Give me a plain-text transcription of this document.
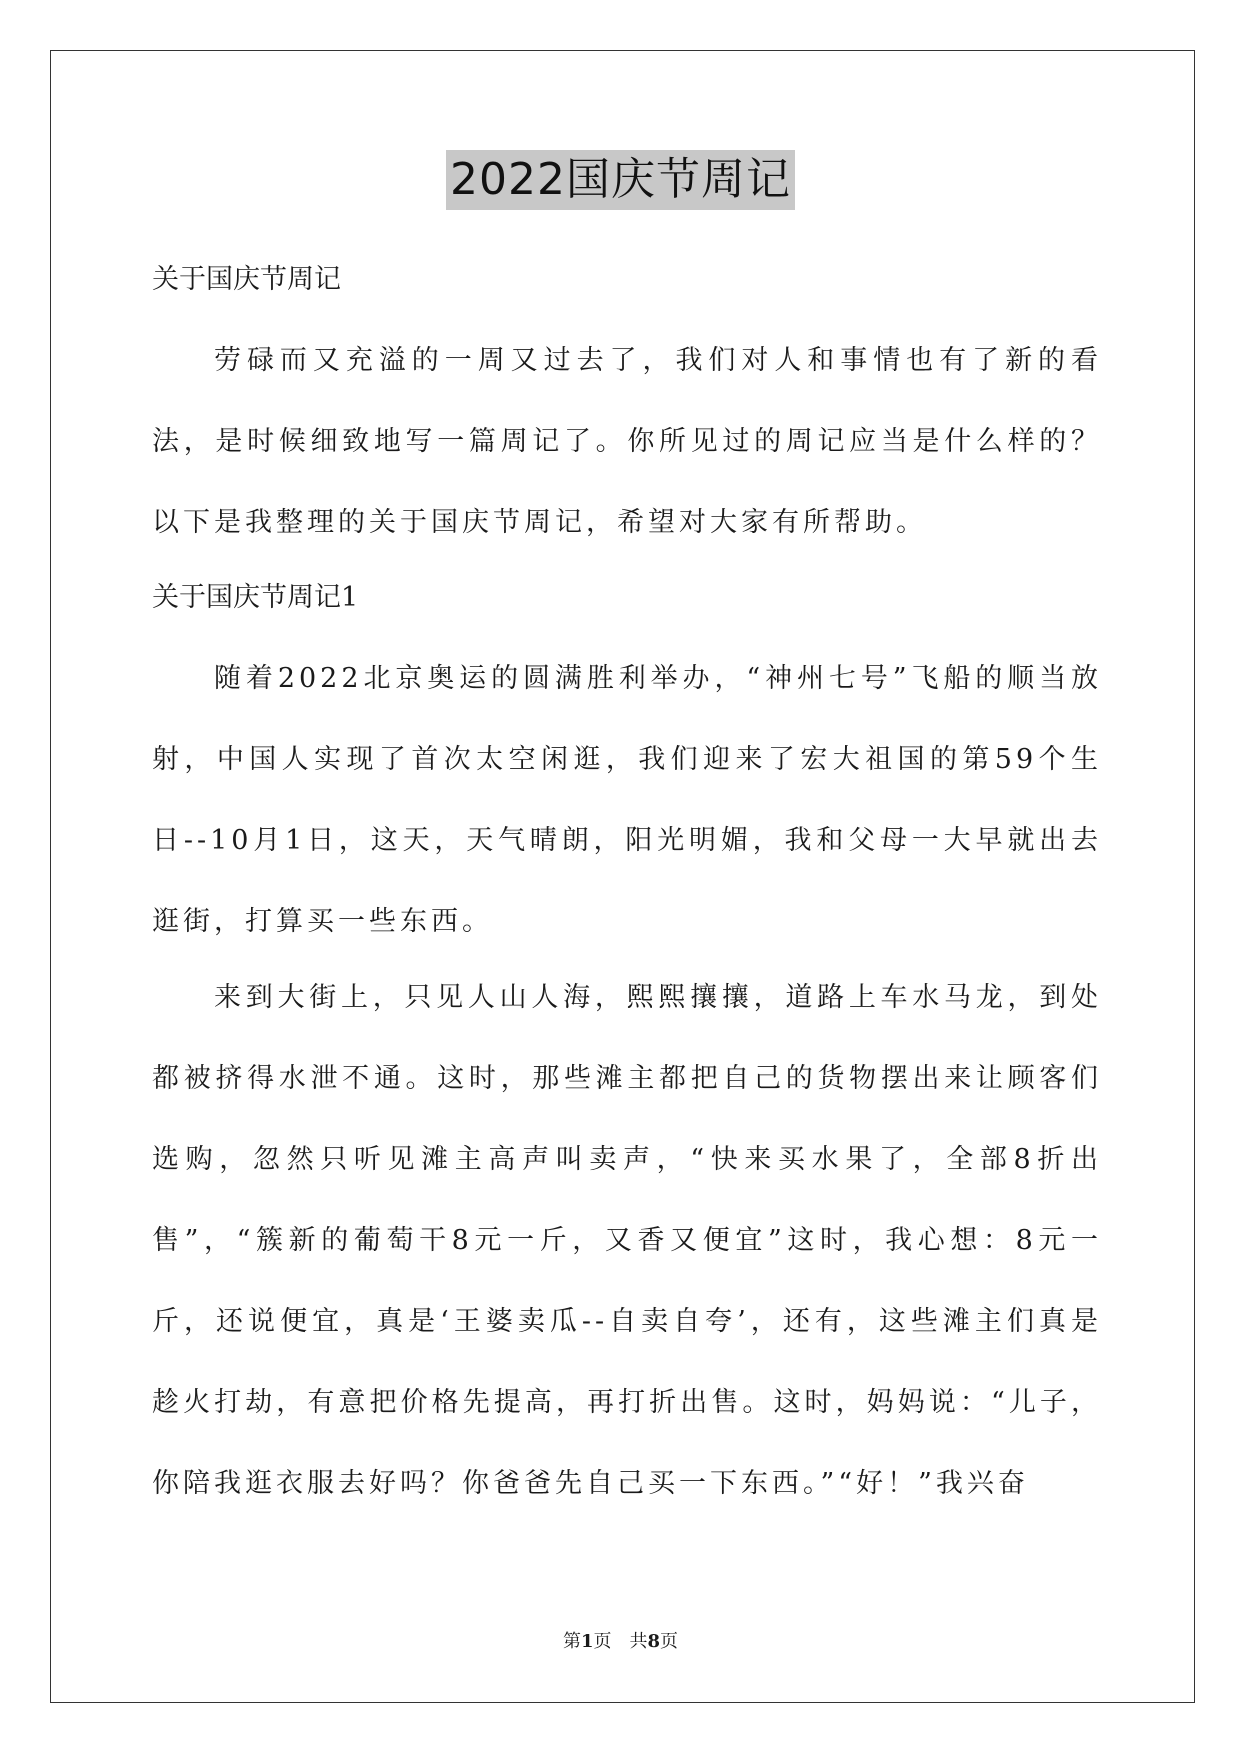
2022国庆节周记
关于国庆节周记

劳碌而又充溢的一周又过去了，我们对人和事情也有了新的看法，是时候细致地写一篇周记了。你所见过的周记应当是什么样的？以下是我整理的关于国庆节周记，希望对大家有所帮助。

关于国庆节周记1

随着2022北京奥运的圆满胜利举办，“神州七号”飞船的顺当放射，中国人实现了首次太空闲逛，我们迎来了宏大祖国的第59个生日--10月1日，这天，天气晴朗，阳光明媚，我和父母一大早就出去逛街，打算买一些东西。

来到大街上，只见人山人海，熙熙攘攘，道路上车水马龙，到处都被挤得水泄不通。这时，那些滩主都把自己的货物摆出来让顾客们选购，忽然只听见滩主高声叫卖声，“快来买水果了，全部8折出售”，“簇新的葡萄干8元一斤，又香又便宜”这时，我心想：8元一斤，还说便宜，真是‘王婆卖瓜--自卖自夸’，还有，这些滩主们真是趁火打劫，有意把价格先提高，再打折出售。这时，妈妈说：“儿子，你陪我逛衣服去好吗？你爸爸先自己买一下东西。”“好！”我兴奋

第1页　共8页
